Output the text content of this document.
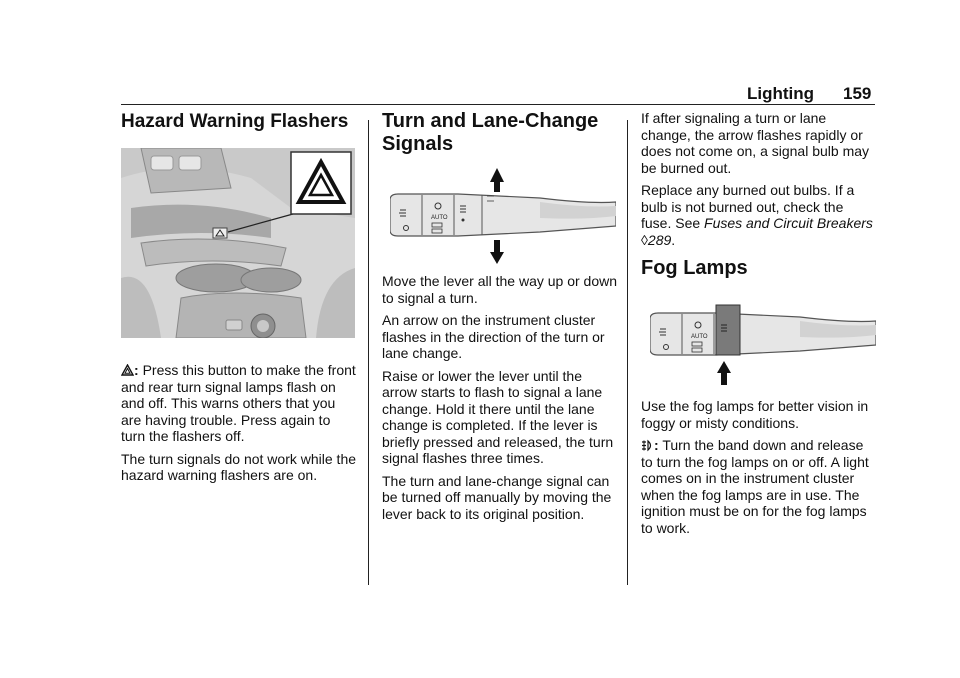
Lighting 159
Hazard Warning Flashers

: Press this button to make the front and rear turn signal lamps flash on and off. This warns others that you are having trouble. Press again to turn the flashers off.

The turn signals do not work while the hazard warning flashers are on.

Turn and Lane-Change Signals
AUTO

Move the lever all the way up or down to signal a turn.

An arrow on the instrument cluster flashes in the direction of the turn or lane change.

Raise or lower the lever until the arrow starts to flash to signal a lane change. Hold it there until the lane change is completed. If the lever is briefly pressed and released, the turn signal flashes three times.

The turn and lane-change signal can be turned off manually by moving the lever back to its original position.

If after signaling a turn or lane change, the arrow flashes rapidly or does not come on, a signal bulb may be burned out.

Replace any burned out bulbs. If a bulb is not burned out, check the fuse. See Fuses and Circuit Breakers ◊289.

Fog Lamps
AUTO

Use the fog lamps for better vision in foggy or misty conditions.

: Turn the band down and release to turn the fog lamps on or off. A light comes on in the instrument cluster when the fog lamps are in use. The ignition must be on for the fog lamps to work.
